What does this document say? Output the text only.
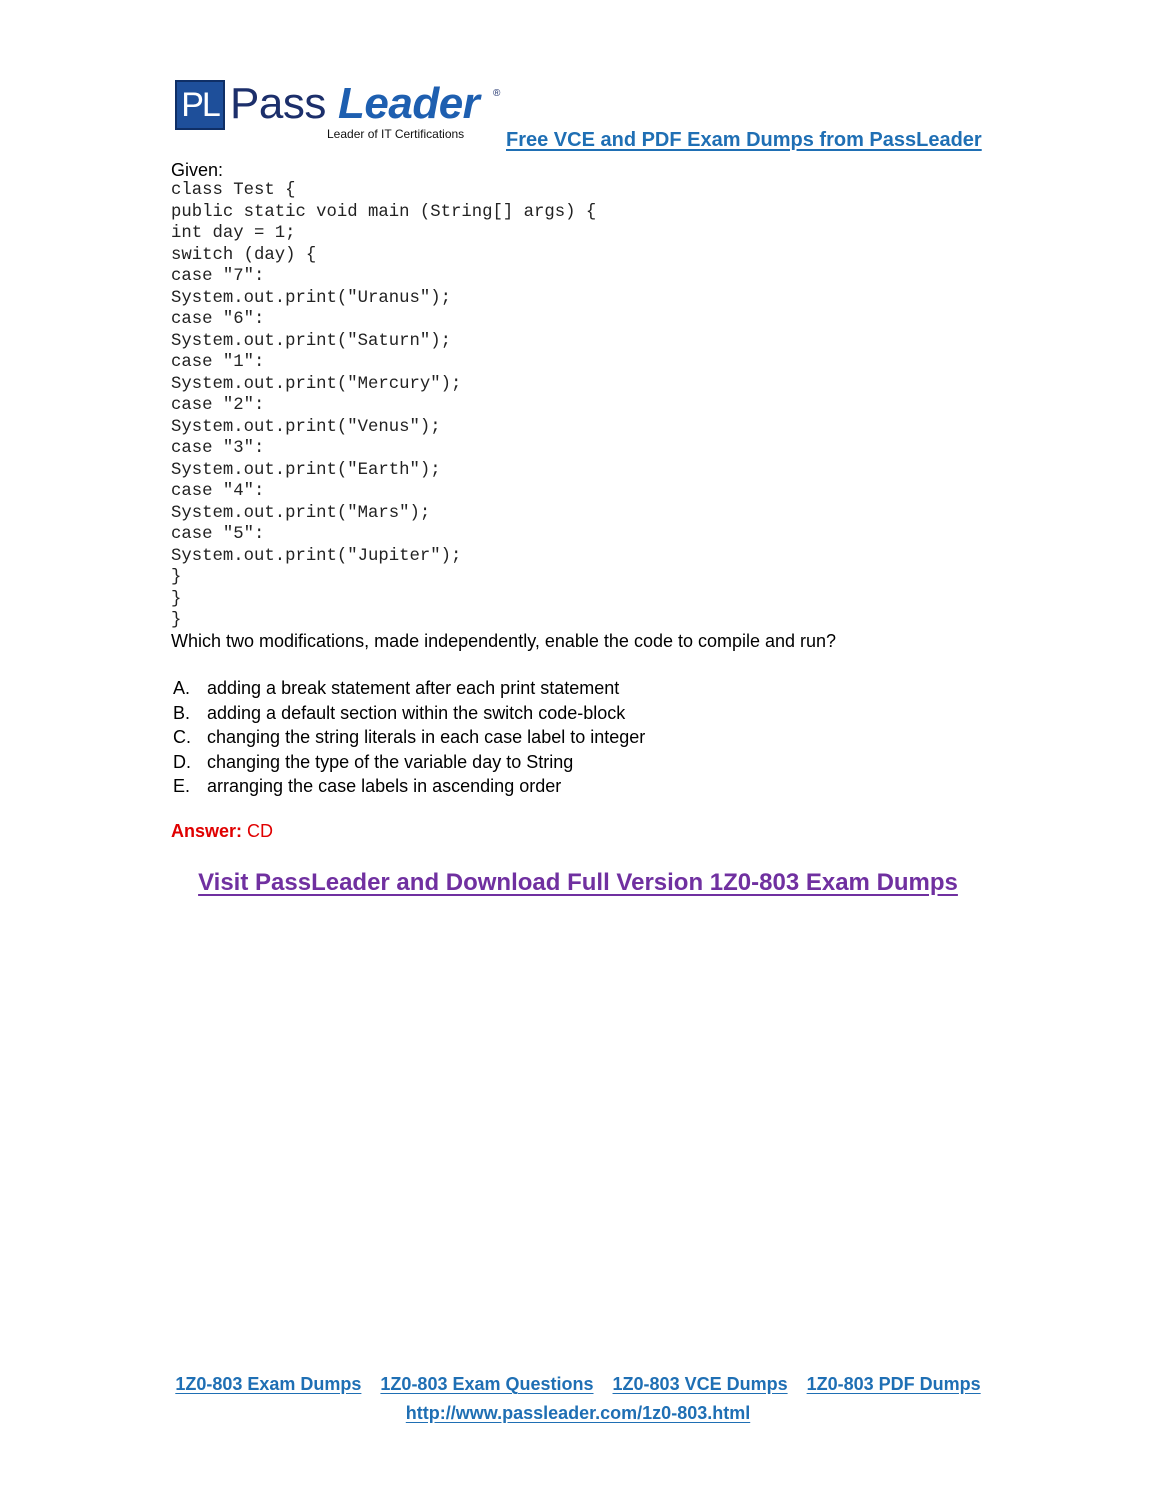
PL Pass Leader ®
Leader of IT Certifications Free VCE and PDF Exam Dumps from PassLeader
Given:
class Test {
public static void main (String[] args) {
int day = 1;
switch (day) {
case "7":
System.out.print("Uranus");
case "6":
System.out.print("Saturn");
case "1":
System.out.print("Mercury");
case "2":
System.out.print("Venus");
case "3":
System.out.print("Earth");
case "4":
System.out.print("Mars");
case "5":
System.out.print("Jupiter");
}
}
}
Which two modifications, made independently, enable the code to compile and run?
A. adding a break statement after each print statement
B. adding a default section within the switch code-block
C. changing the string literals in each case label to integer
D. changing the type of the variable day to String
E. arranging the case labels in ascending order
Answer: CD
Visit PassLeader and Download Full Version 1Z0-803 Exam Dumps
1Z0-803 Exam Dumps 1Z0-803 Exam Questions 1Z0-803 VCE Dumps 1Z0-803 PDF Dumps
http://www.passleader.com/1z0-803.html
